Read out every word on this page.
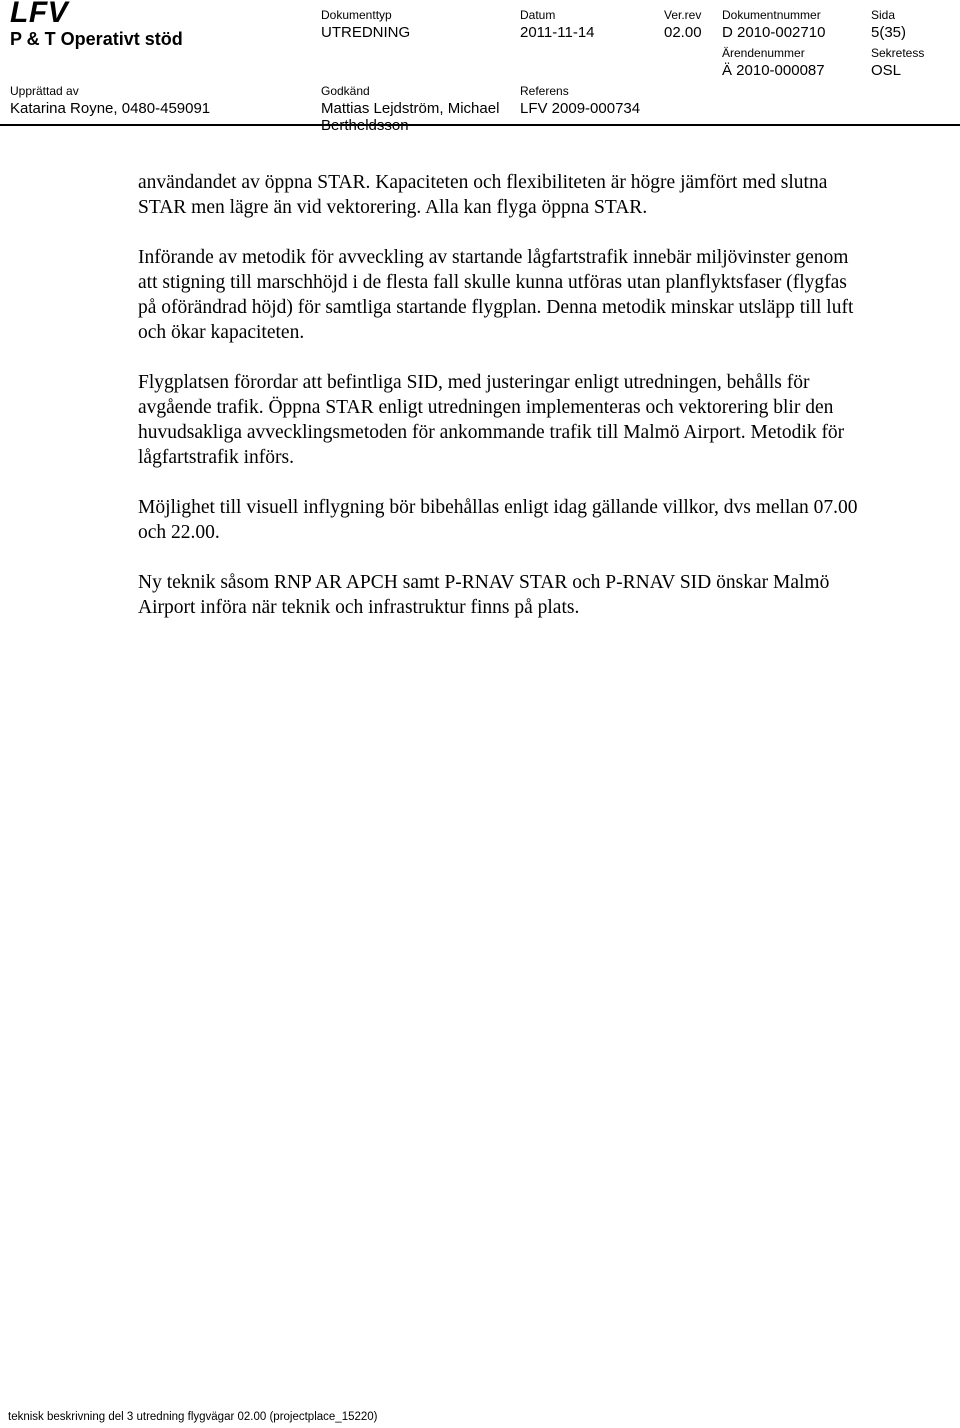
LFV
P & T Operativt stöd
Dokumenttyp
UTREDNING
Datum
2011-11-14
Ver.rev
02.00
Dokumentnummer
D 2010-002710
Sida
5(35)
Ärendenummer
Ä 2010-000087
Sekretess
OSL
Upprättad av
Katarina Royne, 0480-459091
Godkänd
Mattias Lejdström, Michael
Referens
LFV 2009-000734

användandet av öppna STAR. Kapaciteten och flexibiliteten är högre jämfört med slutna STAR men lägre än vid vektorering. Alla kan flyga öppna STAR.

Införande av metodik för avveckling av startande lågfartstrafik innebär miljövinster genom att stigning till marschhöjd i de flesta fall skulle kunna utföras utan planflyktsfaser (flygfas på oförändrad höjd) för samtliga startande flygplan. Denna metodik minskar utsläpp till luft och ökar kapaciteten.

Flygplatsen förordar att befintliga SID, med justeringar enligt utredningen, behålls för avgående trafik. Öppna STAR enligt utredningen implementeras och vektorering blir den huvudsakliga avvecklingsmetoden för ankommande trafik till Malmö Airport. Metodik för lågfartstrafik införs.

Möjlighet till visuell inflygning bör bibehållas enligt idag gällande villkor, dvs mellan 07.00 och 22.00.

Ny teknik såsom RNP AR APCH samt P-RNAV STAR och P-RNAV SID önskar Malmö Airport införa när teknik och infrastruktur finns på plats.

teknisk beskrivning del 3 utredning flygvägar 02.00 (projectplace_15220)
